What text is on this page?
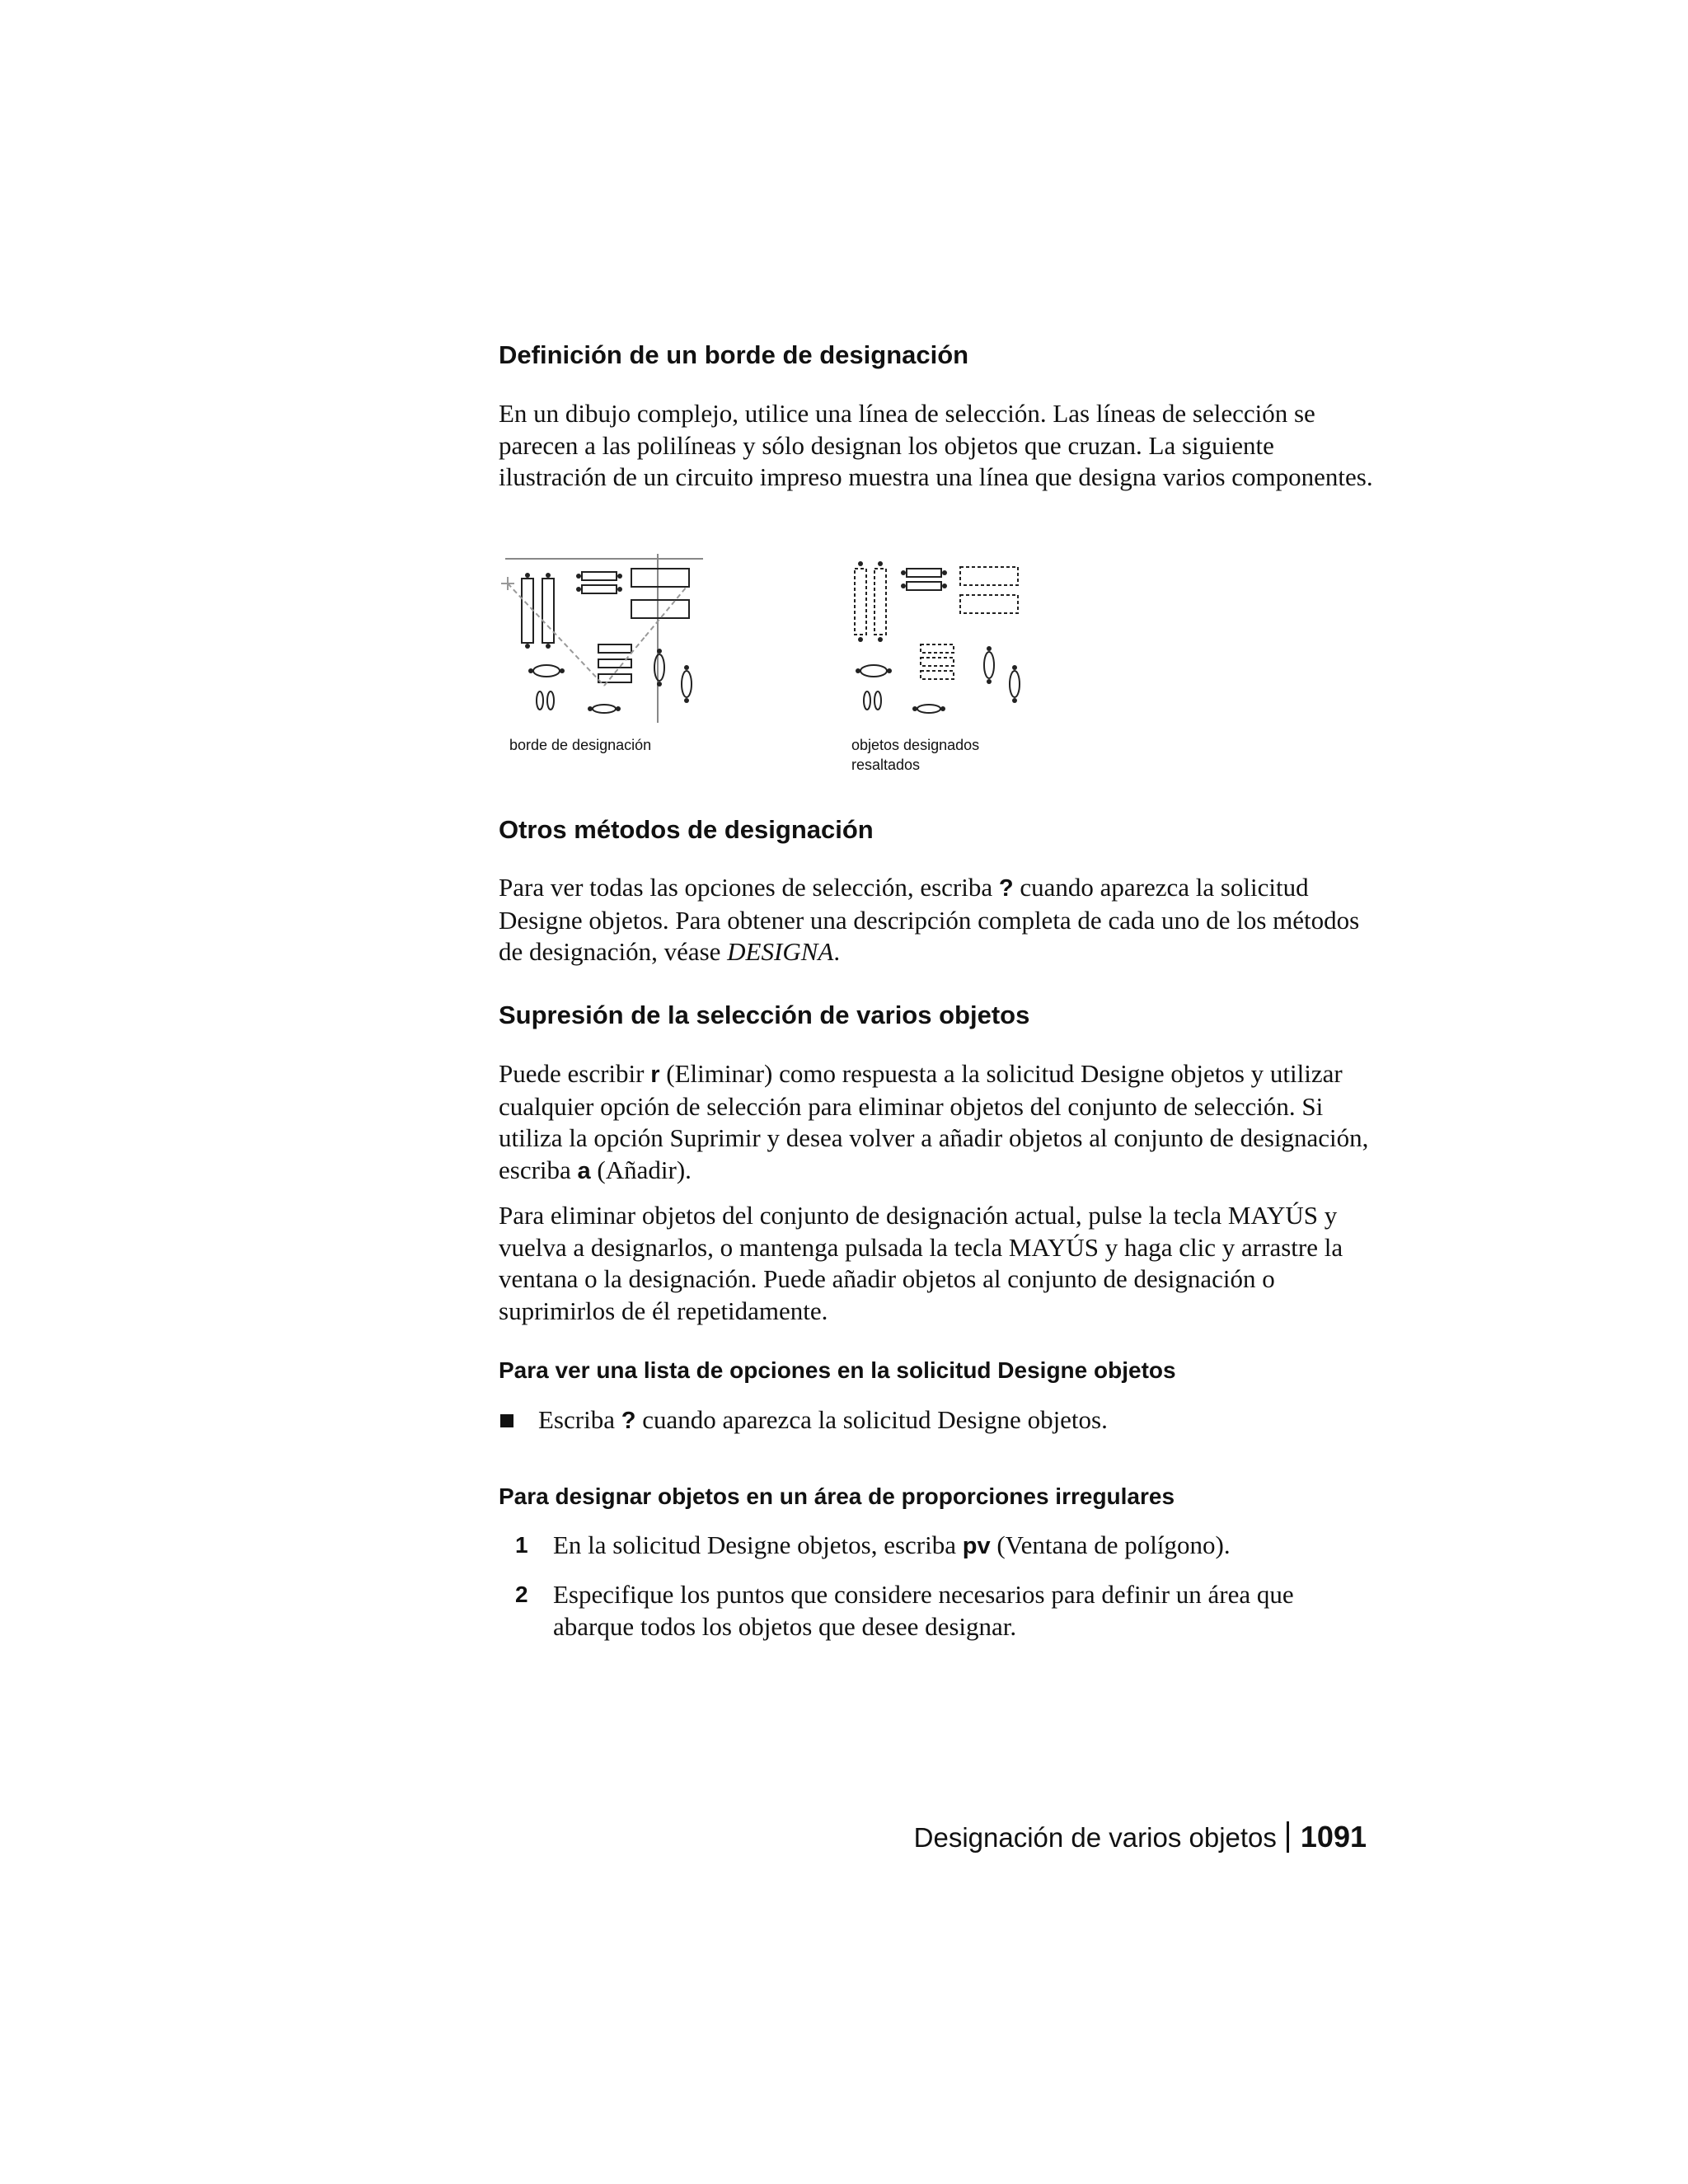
Definición de un borde de designación

En un dibujo complejo, utilice una línea de selección. Las líneas de selección se parecen a las polilíneas y sólo designan los objetos que cruzan. La siguiente ilustración de un circuito impreso muestra una línea que designa varios componentes.

borde de designación	objetos designados
resaltados
Otros métodos de designación

Para ver todas las opciones de selección, escriba ? cuando aparezca la solicitud Designe objetos. Para obtener una descripción completa de cada uno de los métodos de designación, véase DESIGNA.

Supresión de la selección de varios objetos

Puede escribir r (Eliminar) como respuesta a la solicitud Designe objetos y utilizar cualquier opción de selección para eliminar objetos del conjunto de selección. Si utiliza la opción Suprimir y desea volver a añadir objetos al conjunto de designación, escriba a (Añadir).

Para eliminar objetos del conjunto de designación actual, pulse la tecla MAYÚS y vuelva a designarlos, o mantenga pulsada la tecla MAYÚS y haga clic y arrastre la ventana o la designación. Puede añadir objetos al conjunto de designación o suprimirlos de él repetidamente.

Para ver una lista de opciones en la solicitud Designe objetos
Escriba ? cuando aparezca la solicitud Designe objetos.
Para designar objetos en un área de proporciones irregulares
1 En la solicitud Designe objetos, escriba pv (Ventana de polígono).
2 Especifique los puntos que considere necesarios para definir un área que abarque todos los objetos que desee designar.
Designación de varios objetos 1091
